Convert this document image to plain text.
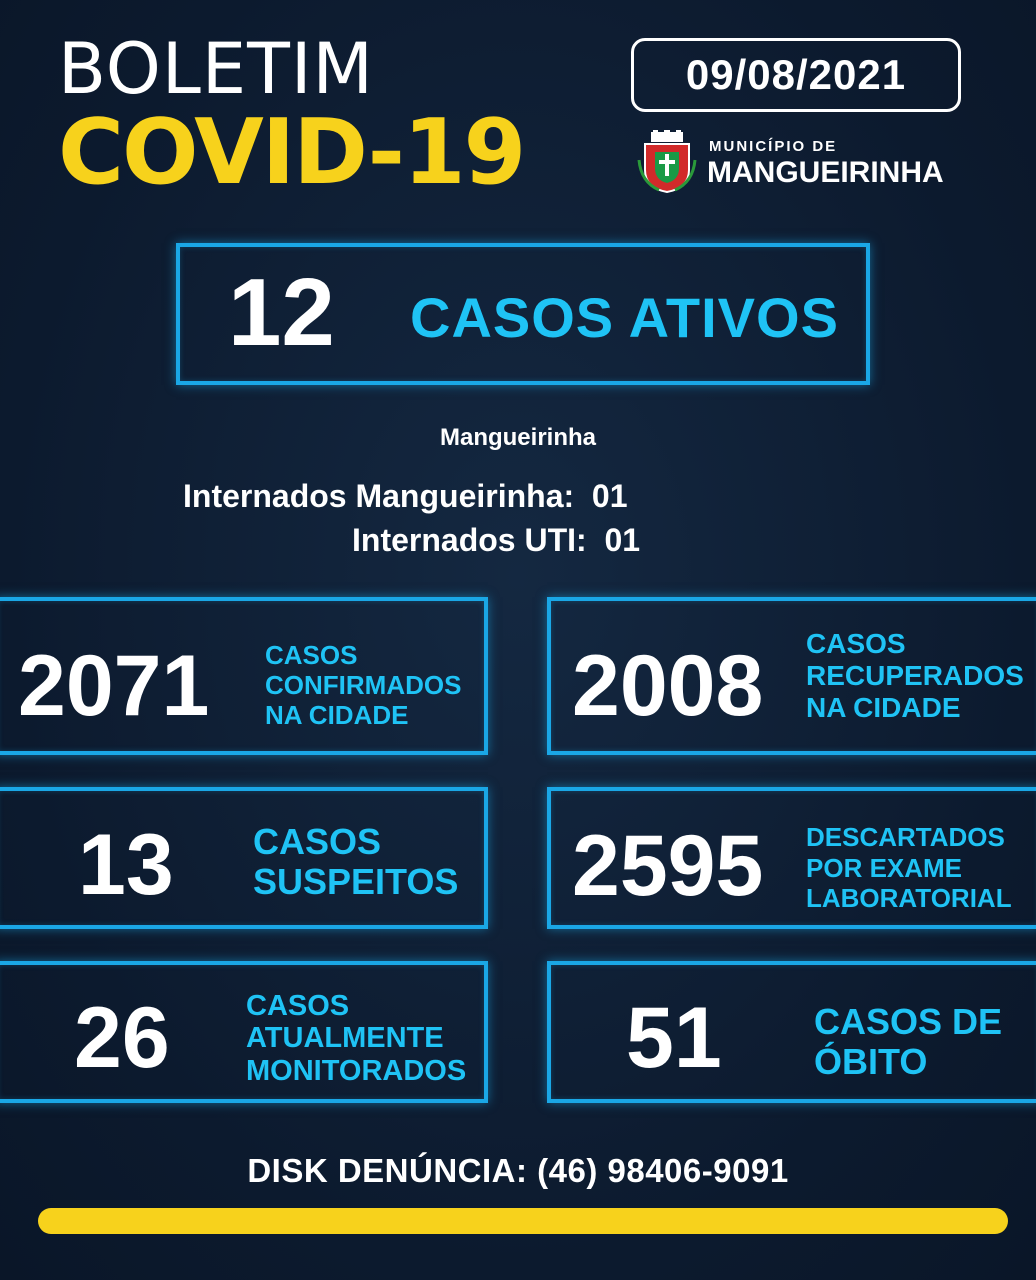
BOLETIM
COVID-19
09/08/2021
MUNICÍPIO DE
MANGUEIRINHA
12 CASOS ATIVOS
Mangueirinha
Internados Mangueirinha:  01
Internados UTI:  01
2071 CASOS
CONFIRMADOS
NA CIDADE	2008 CASOS
RECUPERADOS
NA CIDADE
13 CASOS
SUSPEITOS 2595 DESCARTADOS
POR EXAME
LABORATORIAL
26	CASOS
ATUALMENTE
MONITORADOS 51	CASOS DE
ÓBITO
DISK DENÚNCIA: (46) 98406-9091
